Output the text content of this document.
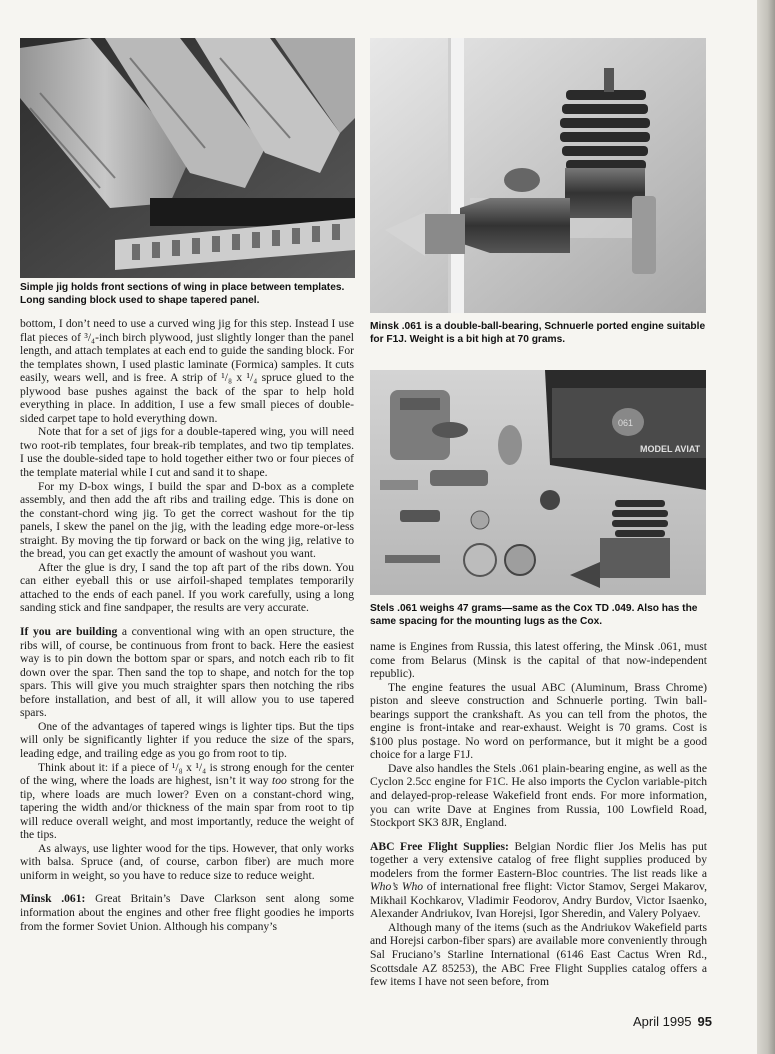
Simple jig holds front sections of wing in place between templates. Long sanding block used to shape tapered panel.
Minsk .061 is a double-ball-bearing, Schnuerle ported engine suitable for F1J. Weight is a bit high at 70 grams.
061
MODEL AVIAT
Stels .061 weighs 47 grams—same as the Cox TD .049. Also has the same spacing for the mounting lugs as the Cox.

bottom, I don’t need to use a curved wing jig for this step. Instead I use flat pieces of ³/₄-inch birch plywood, just slightly longer than the panel length, and attach templates at each end to guide the sanding block. For the templates shown, I used plastic laminate (Formica) samples. It cuts easily, wears well, and is free. A strip of ¹/₈ x ¹/₄ spruce glued to the plywood base pushes against the back of the spar to help hold everything in place. In addition, I use a few small pieces of double-sided carpet tape to hold everything down.

Note that for a set of jigs for a double-tapered wing, you will need two root-rib templates, four break-rib templates, and two tip templates. I use the double-sided tape to hold together either two or four pieces of the template material while I cut and sand it to shape.

For my D-box wings, I build the spar and D-box as a complete assembly, and then add the aft ribs and trailing edge. This is done on the constant-chord wing jig. To get the correct washout for the tip panels, I skew the panel on the jig, with the leading edge more-or-less straight. By moving the tip forward or back on the wing jig, relative to the bread, you can get exactly the amount of washout you want.

After the glue is dry, I sand the top aft part of the ribs down. You can either eyeball this or use airfoil-shaped templates temporarily attached to the ends of each panel. If you work carefully, using a long sanding stick and fine sandpaper, the results are very accurate.

If you are building a conventional wing with an open structure, the ribs will, of course, be continuous from front to back. Here the easiest way is to pin down the bottom spar or spars, and notch each rib to fit down over the spar. Then sand the top to shape, and notch for the top spars. This will give you much straighter spars then notching the ribs before installation, and best of all, it will allow you to use tapered spars.

One of the advantages of tapered wings is lighter tips. But the tips will only be significantly lighter if you reduce the size of the spars, leading edge, and trailing edge as you go from root to tip.

Think about it: if a piece of ¹/₈ x ¹/₄ is strong enough for the center of the wing, where the loads are highest, isn’t it way too strong for the tip, where loads are much lower? Even on a constant-chord wing, tapering the width and/or thickness of the main spar from root to tip will reduce overall weight, and most importantly, reduce the weight of the tips.

As always, use lighter wood for the tips. However, that only works with balsa. Spruce (and, of course, carbon fiber) are much more uniform in weight, so you have to reduce size to reduce weight.

Minsk .061: Great Britain’s Dave Clarkson sent along some information about the engines and other free flight goodies he imports from the former Soviet Union. Although his company’s

name is Engines from Russia, this latest offering, the Minsk .061, must come from Belarus (Minsk is the capital of that now-independent republic).

The engine features the usual ABC (Aluminum, Brass Chrome) piston and sleeve construction and Schnuerle porting. Twin ball-bearings support the crankshaft. As you can tell from the photos, the engine is front-intake and rear-exhaust. Weight is 70 grams. Cost is $100 plus postage. No word on performance, but it might be a good choice for a large F1J.

Dave also handles the Stels .061 plain-bearing engine, as well as the Cyclon 2.5cc engine for F1C. He also imports the Cyclon variable-pitch and delayed-prop-release Wakefield front ends. For more information, you can write Dave at Engines from Russia, 100 Lowfield Road, Stockport SK3 8JR, England.

ABC Free Flight Supplies: Belgian Nordic flier Jos Melis has put together a very extensive catalog of free flight supplies produced by modelers from the former Eastern-Bloc countries. The list reads like a Who’s Who of international free flight: Victor Stamov, Sergei Makarov, Mikhail Kochkarov, Vladimir Feodorov, Andry Burdov, Victor Isaenko, Alexander Andriukov, Ivan Horejsi, Igor Sheredin, and Valery Polyaev.

Although many of the items (such as the Andriukov Wakefield parts and Horejsi carbon-fiber spars) are available more conveniently through Sal Fruciano’s Starline International (6146 East Cactus Wren Rd., Scottsdale AZ 85253), the ABC Free Flight Supplies catalog offers a few items I have not seen before, from

April 1995 95
